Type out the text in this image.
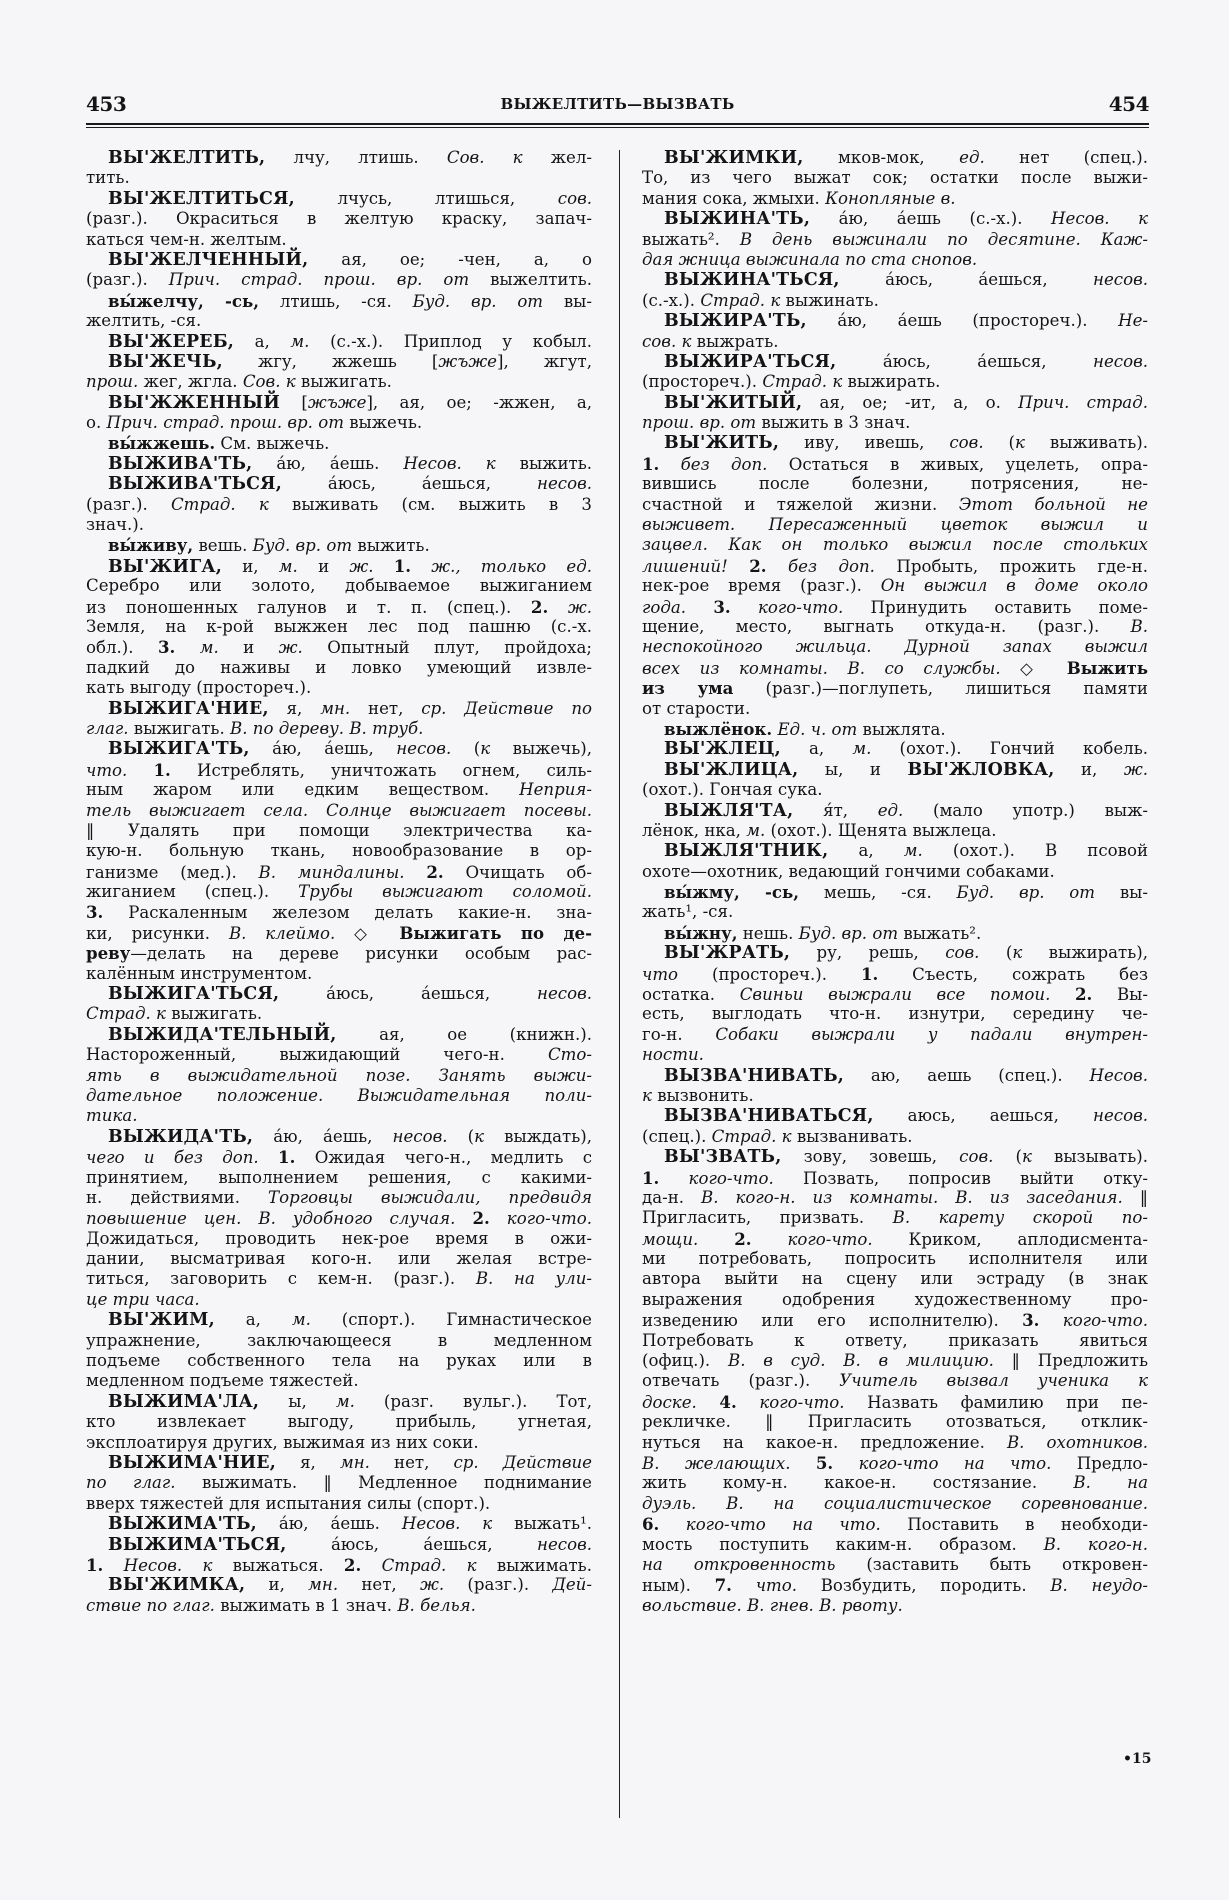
453	ВЫЖЕЛТИТЬ—ВЫЗВАТЬ	454
ВЫ'ЖЕЛТИТЬ, лчу, лтишь. Сов. к жел-
тить.
ВЫ'ЖЕЛТИТЬСЯ, лчусь, лтишься, сов.
(разг.). Окраситься в желтую краску, запач-
каться чем-н. желтым.
ВЫ'ЖЕЛЧЕННЫЙ, ая, ое; -чен, а, о
(разг.). Прич. страд. прош. вр. от выжелтить.
вы́желчу, -сь, лтишь, -ся. Буд. вр. от вы-
желтить, -ся.
ВЫ'ЖЕРЕБ, а, м. (с.-х.). Приплод у кобыл.
ВЫ'ЖЕЧЬ, жгу, жжешь [жъже], жгут,
прош. жег, жгла. Сов. к выжигать.
ВЫ'ЖЖЕННЫЙ [жъже], ая, ое; -жжен, а,
о. Прич. страд. прош. вр. от выжечь.
вы́жжешь. См. выжечь.
ВЫЖИВА'ТЬ, а́ю, а́ешь. Несов. к выжить.
ВЫЖИВА'ТЬСЯ, а́юсь, а́ешься, несов.
(разг.). Страд. к выживать (см. выжить в 3
знач.).
вы́живу, вешь. Буд. вр. от выжить.
ВЫ'ЖИГА, и, м. и ж. 1. ж., только ед.
Серебро или золото, добываемое выжиганием
из поношенных галунов и т. п. (спец.). 2. ж.
Земля, на к-рой выжжен лес под пашню (с.-х.
обл.). 3. м. и ж. Опытный плут, пройдоха;
падкий до наживы и ловко умеющий извле-
кать выгоду (простореч.).
ВЫЖИГА'НИЕ, я, мн. нет, ср. Действие по
глаг. выжигать. В. по дереву. В. труб.
ВЫЖИГА'ТЬ, а́ю, а́ешь, несов. (к выжечь),
что. 1. Истреблять, уничтожать огнем, силь-
ным жаром или едким веществом. Неприя-
тель выжигает села. Солнце выжигает посевы.
‖ Удалять при помощи электричества ка-
кую-н. больную ткань, новообразование в ор-
ганизме (мед.). В. миндалины. 2. Очищать об-
жиганием (спец.). Трубы выжигают соломой.
3. Раскаленным железом делать какие-н. зна-
ки, рисунки. В. клеймо. ◇ Выжигать по де-
реву—делать на дереве рисунки особым рас-
калённым инструментом.
ВЫЖИГА'ТЬСЯ, а́юсь, а́ешься, несов.
Страд. к выжигать.
ВЫЖИДА'ТЕЛЬНЫЙ, ая, ое (книжн.).
Настороженный, выжидающий чего-н. Сто-
ять в выжидательной позе. Занять выжи-
дательное положение. Выжидательная поли-
тика.
ВЫЖИДА'ТЬ, а́ю, а́ешь, несов. (к выждать),
чего и без доп. 1. Ожидая чего-н., медлить с
принятием, выполнением решения, с какими-
н. действиями. Торговцы выжидали, предвидя
повышение цен. В. удобного случая. 2. кого-что.
Дожидаться, проводить нек-рое время в ожи-
дании, высматривая кого-н. или желая встре-
титься, заговорить с кем-н. (разг.). В. на ули-
це три часа.
ВЫ'ЖИМ, а, м. (спорт.). Гимнастическое
упражнение, заключающееся в медленном
подъеме собственного тела на руках или в
медленном подъеме тяжестей.
ВЫЖИМА'ЛА, ы, м. (разг. вульг.). Тот,
кто извлекает выгоду, прибыль, угнетая,
эксплоатируя других, выжимая из них соки.
ВЫЖИМА'НИЕ, я, мн. нет, ср. Действие
по глаг. выжимать. ‖ Медленное поднимание
вверх тяжестей для испытания силы (спорт.).
ВЫЖИМА'ТЬ, а́ю, а́ешь. Несов. к выжать¹.
ВЫЖИМА'ТЬСЯ, а́юсь, а́ешься, несов.
1. Несов. к выжаться. 2. Страд. к выжимать.
ВЫ'ЖИМКА, и, мн. нет, ж. (разг.). Дей-
ствие по глаг. выжимать в 1 знач. В. белья.
ВЫ'ЖИМКИ, мков-мок, ед. нет (спец.).
То, из чего выжат сок; остатки после выжи-
мания сока, жмыхи. Конопляные в.
ВЫЖИНА'ТЬ, а́ю, а́ешь (с.-х.). Несов. к
выжать². В день выжинали по десятине. Каж-
дая жница выжинала по ста снопов.
ВЫЖИНА'ТЬСЯ, а́юсь, а́ешься, несов.
(с.-х.). Страд. к выжинать.
ВЫЖИРА'ТЬ, а́ю, а́ешь (простореч.). Не-
сов. к выжрать.
ВЫЖИРА'ТЬСЯ, а́юсь, а́ешься, несов.
(простореч.). Страд. к выжирать.
ВЫ'ЖИТЫЙ, ая, ое; -ит, а, о. Прич. страд.
прош. вр. от выжить в 3 знач.
ВЫ'ЖИТЬ, иву, ивешь, сов. (к выживать).
1. без доп. Остаться в живых, уцелеть, опра-
вившись после болезни, потрясения, не-
счастной и тяжелой жизни. Этот больной не
выживет. Пересаженный цветок выжил и
зацвел. Как он только выжил после стольких
лишений! 2. без доп. Пробыть, прожить где-н.
нек-рое время (разг.). Он выжил в доме около
года. 3. кого-что. Принудить оставить поме-
щение, место, выгнать откуда-н. (разг.). В.
неспокойного жильца. Дурной запах выжил
всех из комнаты. В. со службы. ◇ Выжить
из ума (разг.)—поглупеть, лишиться памяти
от старости.
выжлёнок. Ед. ч. от выжлята.
ВЫ'ЖЛЕЦ, а, м. (охот.). Гончий кобель.
ВЫ'ЖЛИЦА, ы, и ВЫ'ЖЛОВКА, и, ж.
(охот.). Гончая сука.
ВЫЖЛЯ'ТА, я́т, ед. (мало употр.) выж-
лёнок, нка, м. (охот.). Щенята выжлеца.
ВЫЖЛЯ'ТНИК, а, м. (охот.). В псовой
охоте—охотник, ведающий гончими собаками.
вы́жму, -сь, мешь, -ся. Буд. вр. от вы-
жать¹, -ся.
вы́жну, нешь. Буд. вр. от выжать².
ВЫ'ЖРАТЬ, ру, решь, сов. (к выжирать),
что (простореч.). 1. Съесть, сожрать без
остатка. Свиньи выжрали все помои. 2. Вы-
есть, выглодать что-н. изнутри, середину че-
го-н. Собаки выжрали у падали внутрен-
ности.
ВЫЗВА'НИВАТЬ, аю, аешь (спец.). Несов.
к вызвонить.
ВЫЗВА'НИВАТЬСЯ, аюсь, аешься, несов.
(спец.). Страд. к вызванивать.
ВЫ'ЗВАТЬ, зову, зовешь, сов. (к вызывать).
1. кого-что. Позвать, попросив выйти отку-
да-н. В. кого-н. из комнаты. В. из заседания. ‖
Пригласить, призвать. В. карету скорой по-
мощи. 2. кого-что. Криком, аплодисмента-
ми потребовать, попросить исполнителя или
автора выйти на сцену или эстраду (в знак
выражения одобрения художественному про-
изведению или его исполнителю). 3. кого-что.
Потребовать к ответу, приказать явиться
(офиц.). В. в суд. В. в милицию. ‖ Предложить
отвечать (разг.). Учитель вызвал ученика к
доске. 4. кого-что. Назвать фамилию при пе-
рекличке. ‖ Пригласить отозваться, отклик-
нуться на какое-н. предложение. В. охотников.
В. желающих. 5. кого-что на что. Предло-
жить кому-н. какое-н. состязание. В. на
дуэль. В. на социалистическое соревнование.
6. кого-что на что. Поставить в необходи-
мость поступить каким-н. образом. В. кого-н.
на откровенность (заставить быть откровен-
ным). 7. что. Возбудить, породить. В. неудо-
вольствие. В. гнев. В. рвоту.
•15
